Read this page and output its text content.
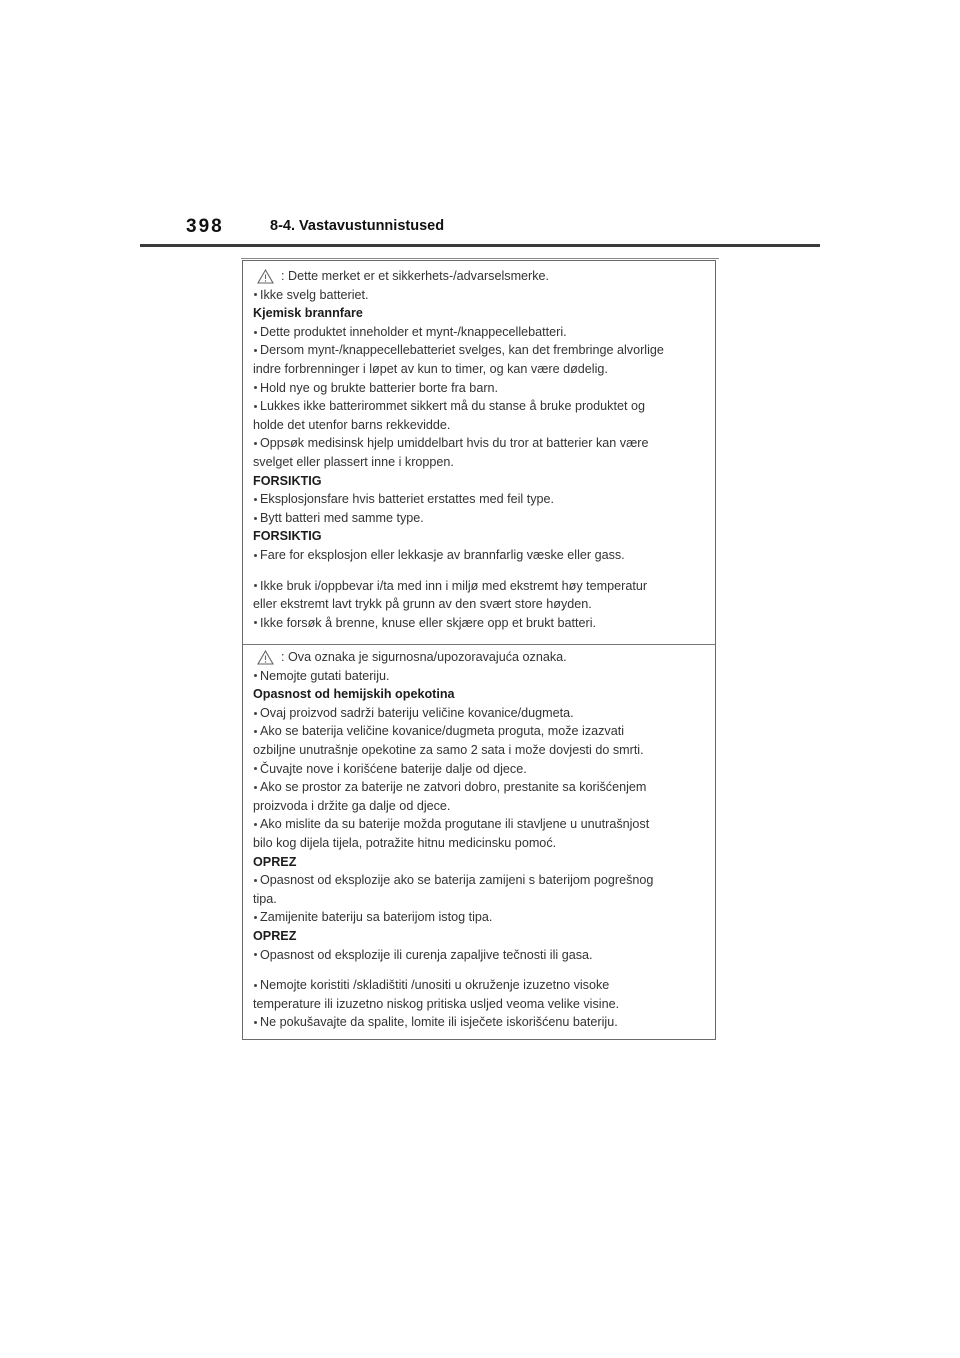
398	8-4. Vastavustunnistused
: Dette merket er et sikkerhets-/advarselsmerke.
Ikke svelg batteriet.
Kjemisk brannfare
Dette produktet inneholder et mynt-/knappecellebatteri.
Dersom mynt-/knappecellebatteriet svelges, kan det frembringe alvorlige
indre forbrenninger i løpet av kun to timer, og kan være dødelig.
Hold nye og brukte batterier borte fra barn.
Lukkes ikke batterirommet sikkert må du stanse å bruke produktet og
holde det utenfor barns rekkevidde.
Oppsøk medisinsk hjelp umiddelbart hvis du tror at batterier kan være
svelget eller plassert inne i kroppen.
FORSIKTIG
Eksplosjonsfare hvis batteriet erstattes med feil type.
Bytt batteri med samme type.
FORSIKTIG
Fare for eksplosjon eller lekkasje av brannfarlig væske eller gass.
Ikke bruk i/oppbevar i/ta med inn i miljø med ekstremt høy temperatur
eller ekstremt lavt trykk på grunn av den svært store høyden.
Ikke forsøk å brenne, knuse eller skjære opp et brukt batteri.
: Ova oznaka je sigurnosna/upozoravajuća oznaka.
Nemojte gutati bateriju.
Opasnost od hemijskih opekotina
Ovaj proizvod sadrži bateriju veličine kovanice/dugmeta.
Ako se baterija veličine kovanice/dugmeta proguta, može izazvati
ozbiljne unutrašnje opekotine za samo 2 sata i može dovjesti do smrti.
Čuvajte nove i korišćene baterije dalje od djece.
Ako se prostor za baterije ne zatvori dobro, prestanite sa korišćenjem
proizvoda i držite ga dalje od djece.
Ako mislite da su baterije možda progutane ili stavljene u unutrašnjost
bilo kog dijela tijela, potražite hitnu medicinsku pomoć.
OPREZ
Opasnost od eksplozije ako se baterija zamijeni s baterijom pogrešnog
tipa.
Zamijenite bateriju sa baterijom istog tipa.
OPREZ
Opasnost od eksplozije ili curenja zapaljive tečnosti ili gasa.
Nemojte koristiti /skladištiti /unositi u okruženje izuzetno visoke
temperature ili izuzetno niskog pritiska usljed veoma velike visine.
Ne pokušavajte da spalite, lomite ili isječete iskorišćenu bateriju.
